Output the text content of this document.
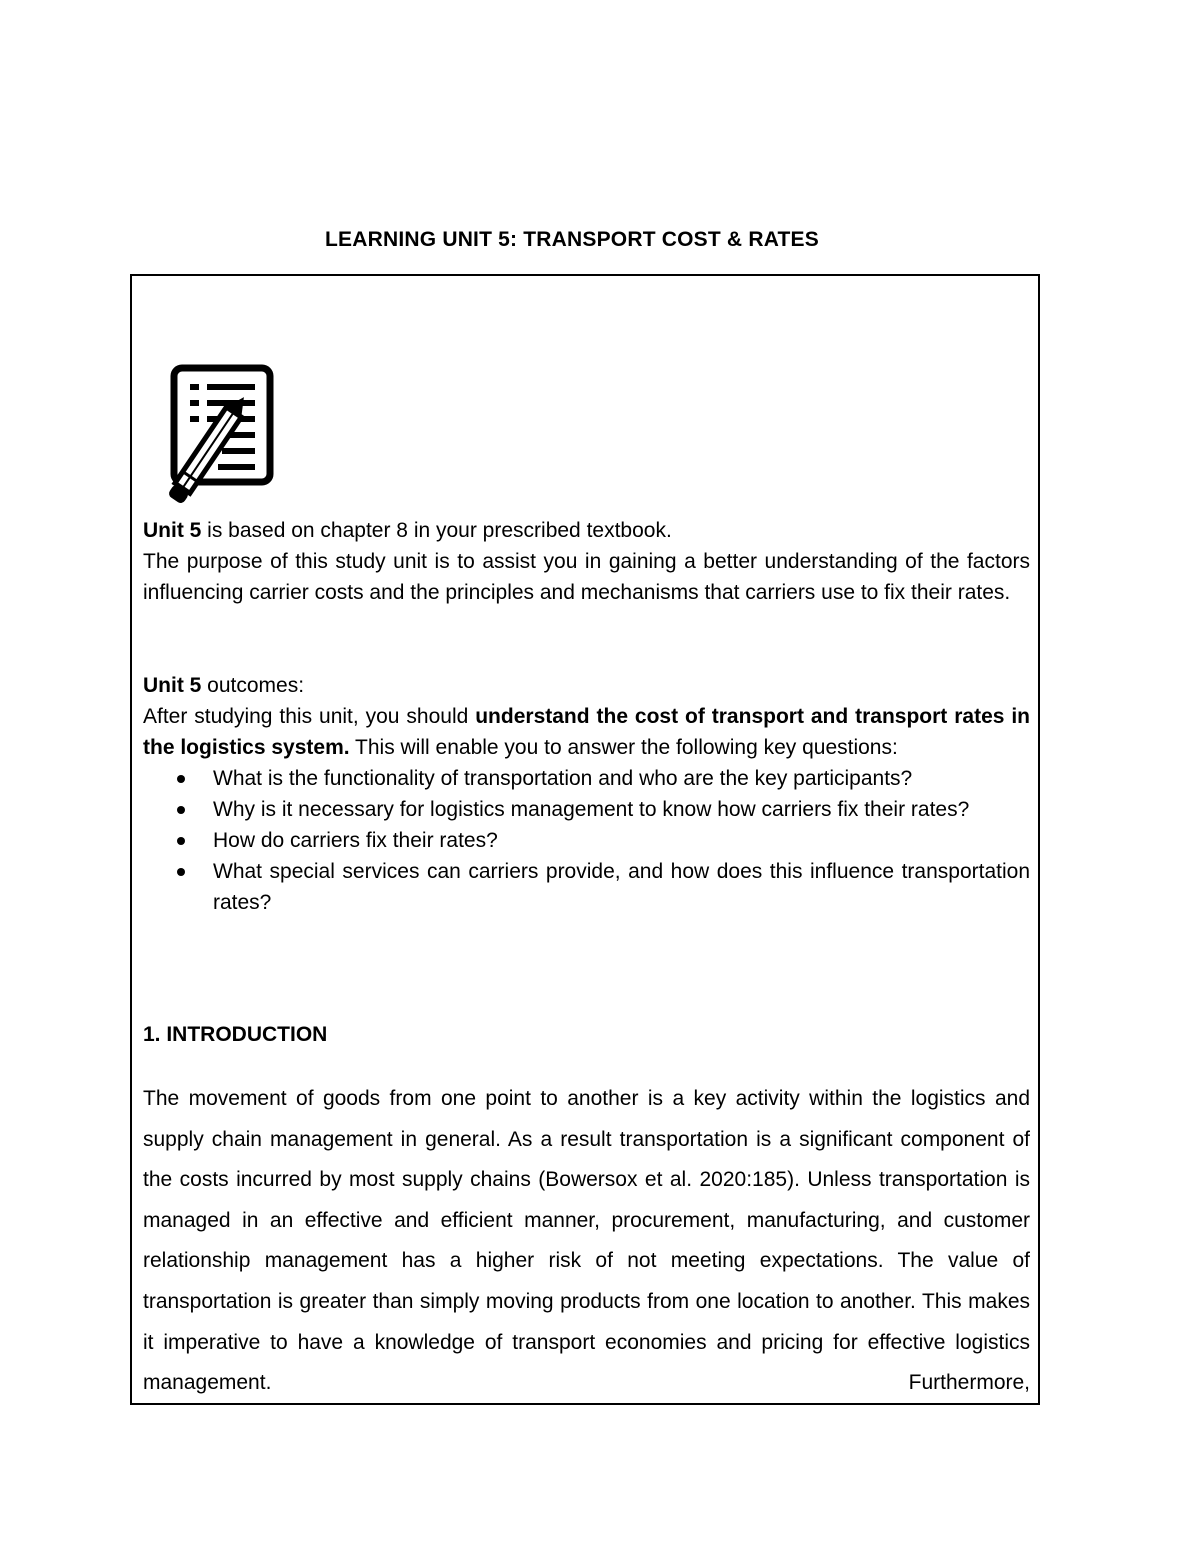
LEARNING UNIT 5: TRANSPORT COST & RATES

Unit 5 is based on chapter 8 in your prescribed textbook.

The purpose of this study unit is to assist you in gaining a better understanding of the factors influencing carrier costs and the principles and mechanisms that carriers use to fix their rates.

Unit 5 outcomes:

After studying this unit, you should understand the cost of transport and transport rates in the logistics system. This will enable you to answer the following key questions:

What is the functionality of transportation and who are the key participants?
Why is it necessary for logistics management to know how carriers fix their rates?
How do carriers fix their rates?
What special services can carriers provide, and how does this influence transportation rates?
1. INTRODUCTION

The movement of goods from one point to another is a key activity within the logistics and supply chain management in general. As a result transportation is a significant component of the costs incurred by most supply chains (Bowersox et al. 2020:185). Unless transportation is managed in an effective and efficient manner, procurement, manufacturing, and customer relationship management has a higher risk of not meeting expectations. The value of transportation is greater than simply moving products from one location to another. This makes it imperative to have a knowledge of transport economies and pricing for effective logistics management. Furthermore,
